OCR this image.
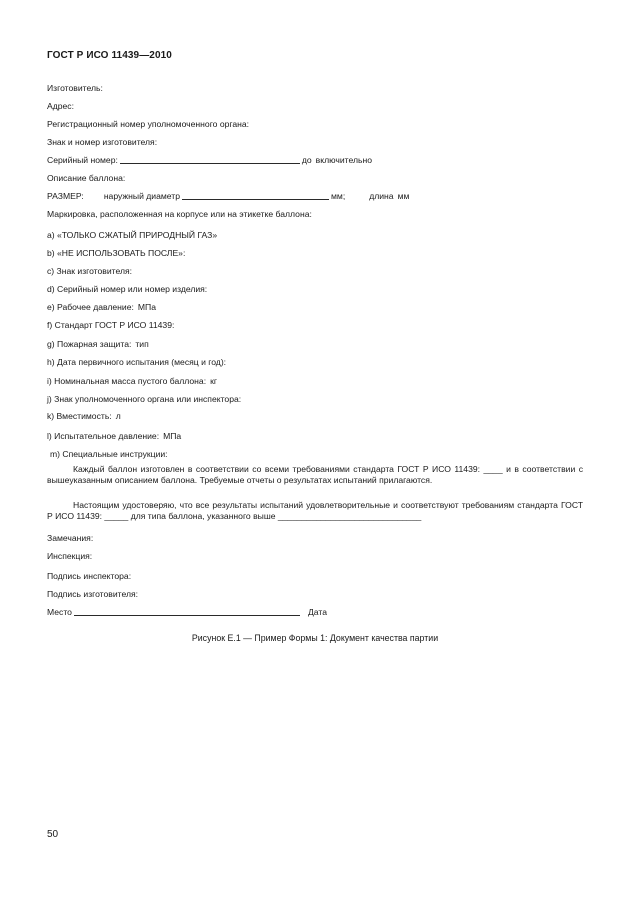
ГОСТ Р ИСО 11439—2010
Изготовитель:
Адрес:
Регистрационный номер уполномоченного органа:
Знак и номер изготовителя:
Серийный номер:	до включительно
Описание баллона:
РАЗМЕР: наружный диаметр	мм;	длина мм
Маркировка, расположенная на корпусе или на этикетке баллона:
a) «ТОЛЬКО СЖАТЫЙ ПРИРОДНЫЙ ГАЗ»
b) «НЕ ИСПОЛЬЗОВАТЬ ПОСЛЕ»:
c) Знак изготовителя:
d) Серийный номер или номер изделия:
e) Рабочее давление: МПа
f) Стандарт ГОСТ Р ИСО 11439:
g) Пожарная защита: тип
h) Дата первичного испытания (месяц и год):
i) Номинальная масса пустого баллона: кг
j) Знак уполномоченного органа или инспектора:
k) Вместимость: л
l) Испытательное давление: МПа
m) Специальные инструкции:

Каждый баллон изготовлен в соответствии со всеми требованиями стандарта ГОСТ Р ИСО 11439: ____ и в соответствии с вышеуказанным описанием баллона. Требуемые отчеты о результатах испытаний прилагаются.

Настоящим удостоверяю, что все результаты испытаний удовлетворительные и соответствуют требованиям стандарта ГОСТ Р ИСО 11439: _____ для типа баллона, указанного выше ______________________________

Замечания:
Инспекция:
Подпись инспектора:
Подпись изготовителя:
Место	Дата
Рисунок Е.1 — Пример Формы 1: Документ качества партии
50
